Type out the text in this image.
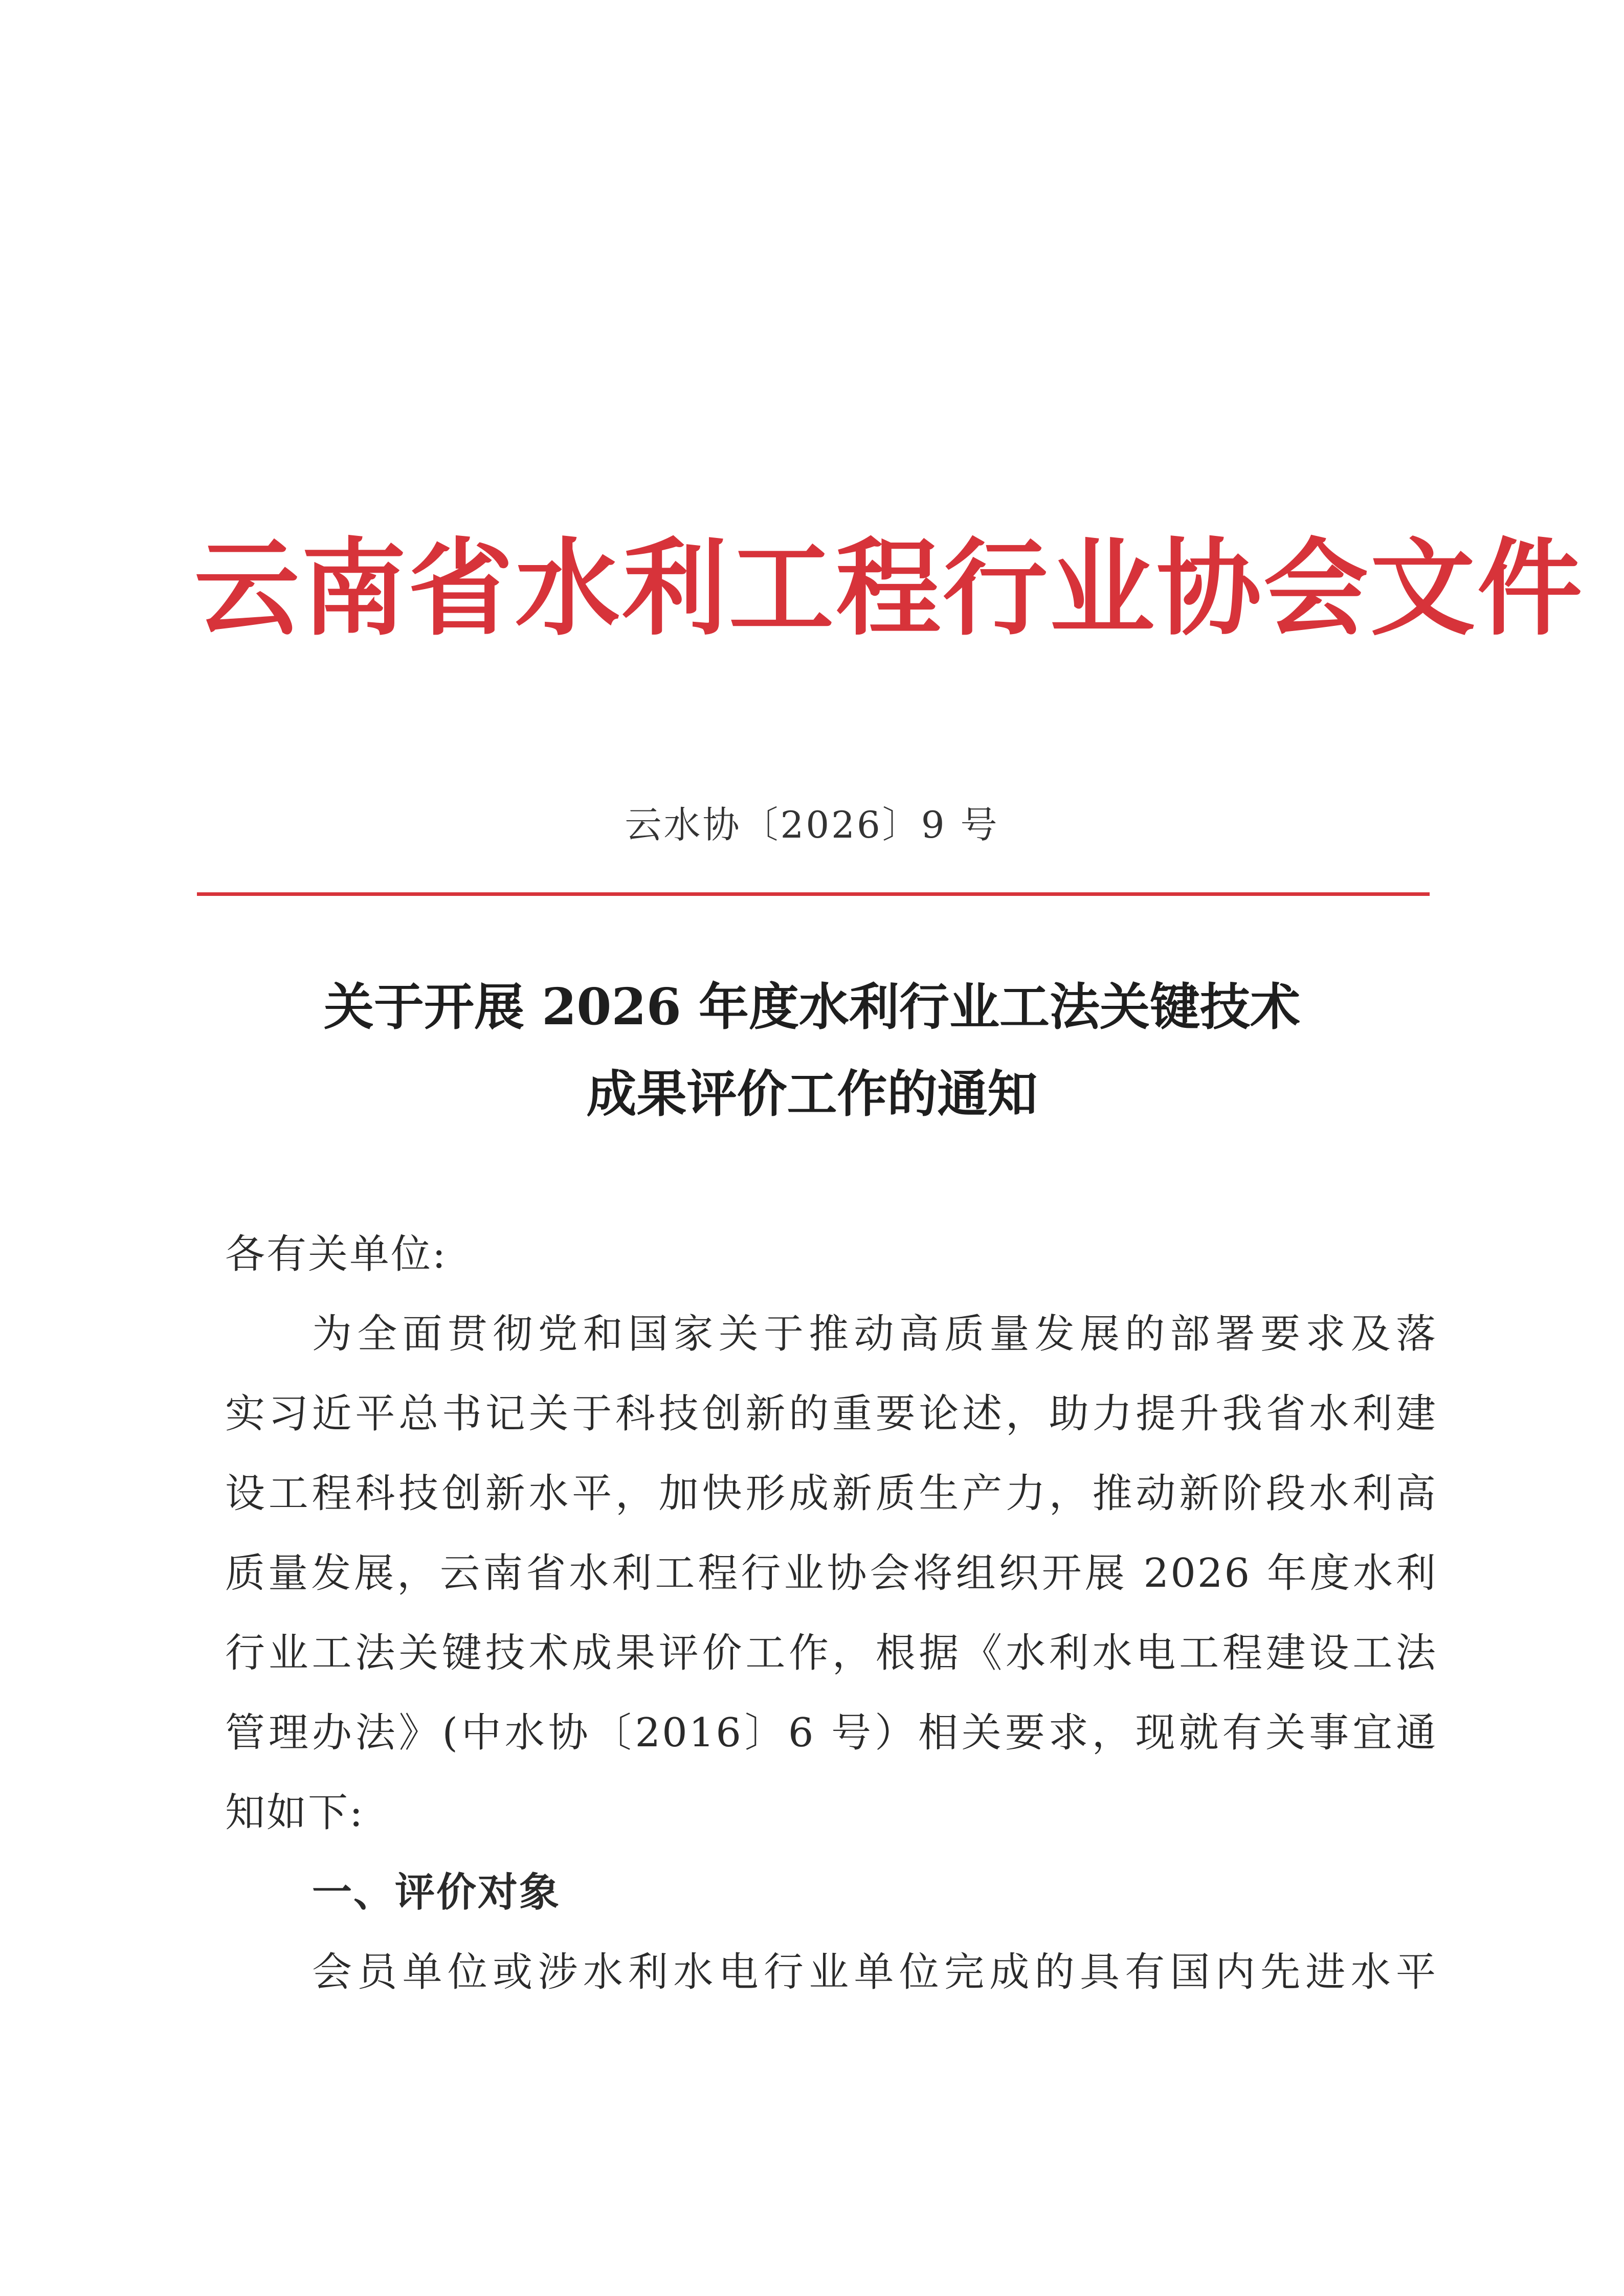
云南省水利工程行业协会文件
云水协〔2026〕9 号
关于开展 2026 年度水利行业工法关键技术
成果评价工作的通知
各有关单位:
为全面贯彻党和国家关于推动高质量发展的部署要求及落
实习近平总书记关于科技创新的重要论述，助力提升我省水利建
设工程科技创新水平，加快形成新质生产力，推动新阶段水利高
质量发展，云南省水利工程行业协会将组织开展 2026 年度水利
行业工法关键技术成果评价工作，根据《水利水电工程建设工法
管理办法》(中水协〔2016〕6 号）相关要求，现就有关事宜通
知如下:
一、评价对象
会员单位或涉水利水电行业单位完成的具有国内先进水平
